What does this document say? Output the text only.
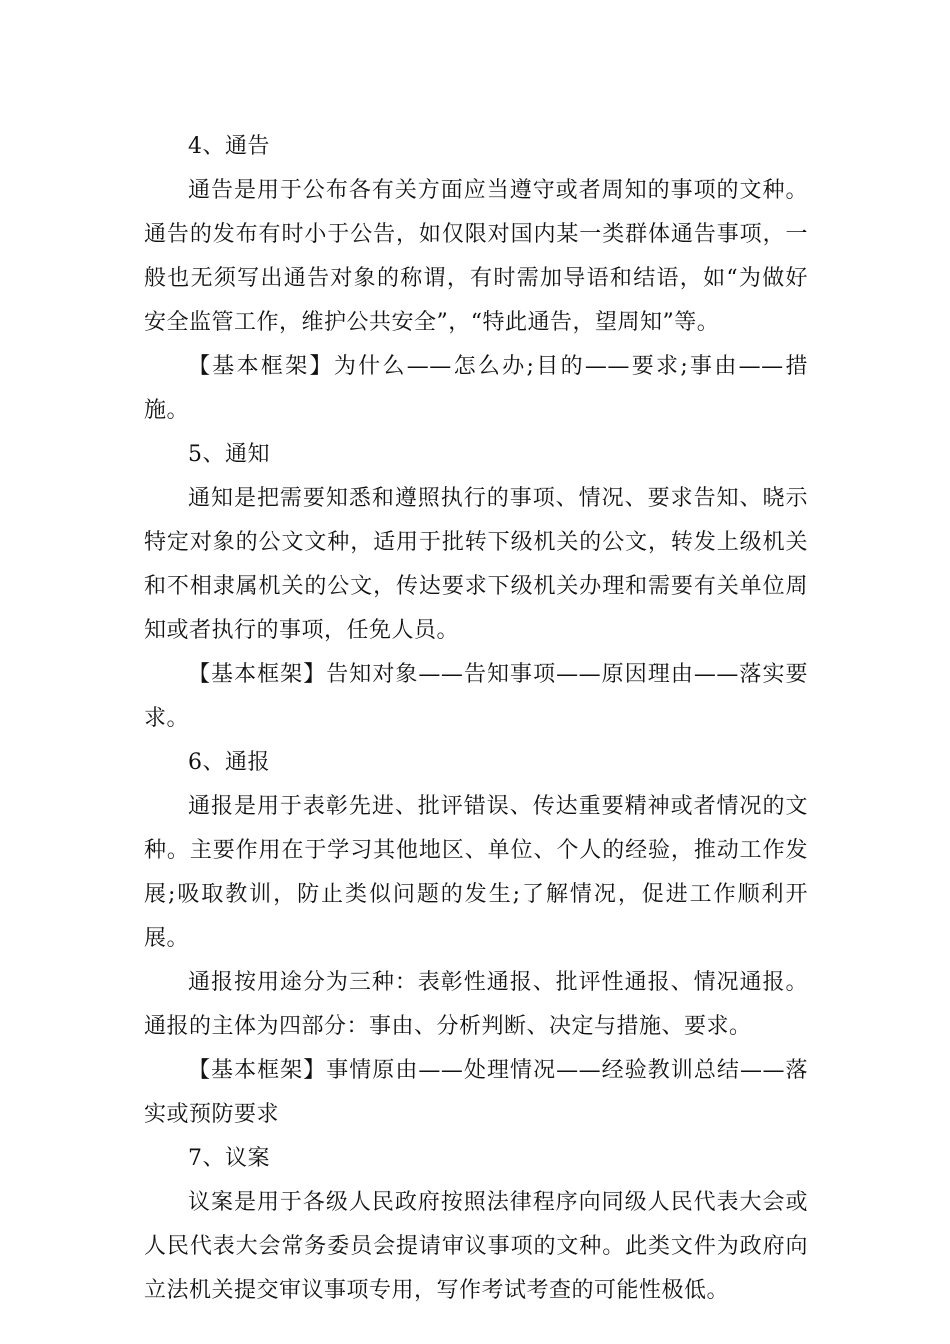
4、通告

通告是用于公布各有关方面应当遵守或者周知的事项的文种。通告的发布有时小于公告，如仅限对国内某一类群体通告事项，一般也无须写出通告对象的称谓，有时需加导语和结语，如“为做好安全监管工作，维护公共安全”，“特此通告，望周知”等。

【基本框架】为什么——怎么办;目的——要求;事由——措施。

5、通知

通知是把需要知悉和遵照执行的事项、情况、要求告知、晓示特定对象的公文文种，适用于批转下级机关的公文，转发上级机关和不相隶属机关的公文，传达要求下级机关办理和需要有关单位周知或者执行的事项，任免人员。

【基本框架】告知对象——告知事项——原因理由——落实要求。

6、通报

通报是用于表彰先进、批评错误、传达重要精神或者情况的文种。主要作用在于学习其他地区、单位、个人的经验，推动工作发展;吸取教训，防止类似问题的发生;了解情况，促进工作顺利开展。

通报按用途分为三种：表彰性通报、批评性通报、情况通报。通报的主体为四部分：事由、分析判断、决定与措施、要求。

【基本框架】事情原由——处理情况——经验教训总结——落实或预防要求

7、议案

议案是用于各级人民政府按照法律程序向同级人民代表大会或人民代表大会常务委员会提请审议事项的文种。此类文件为政府向立法机关提交审议事项专用，写作考试考查的可能性极低。
